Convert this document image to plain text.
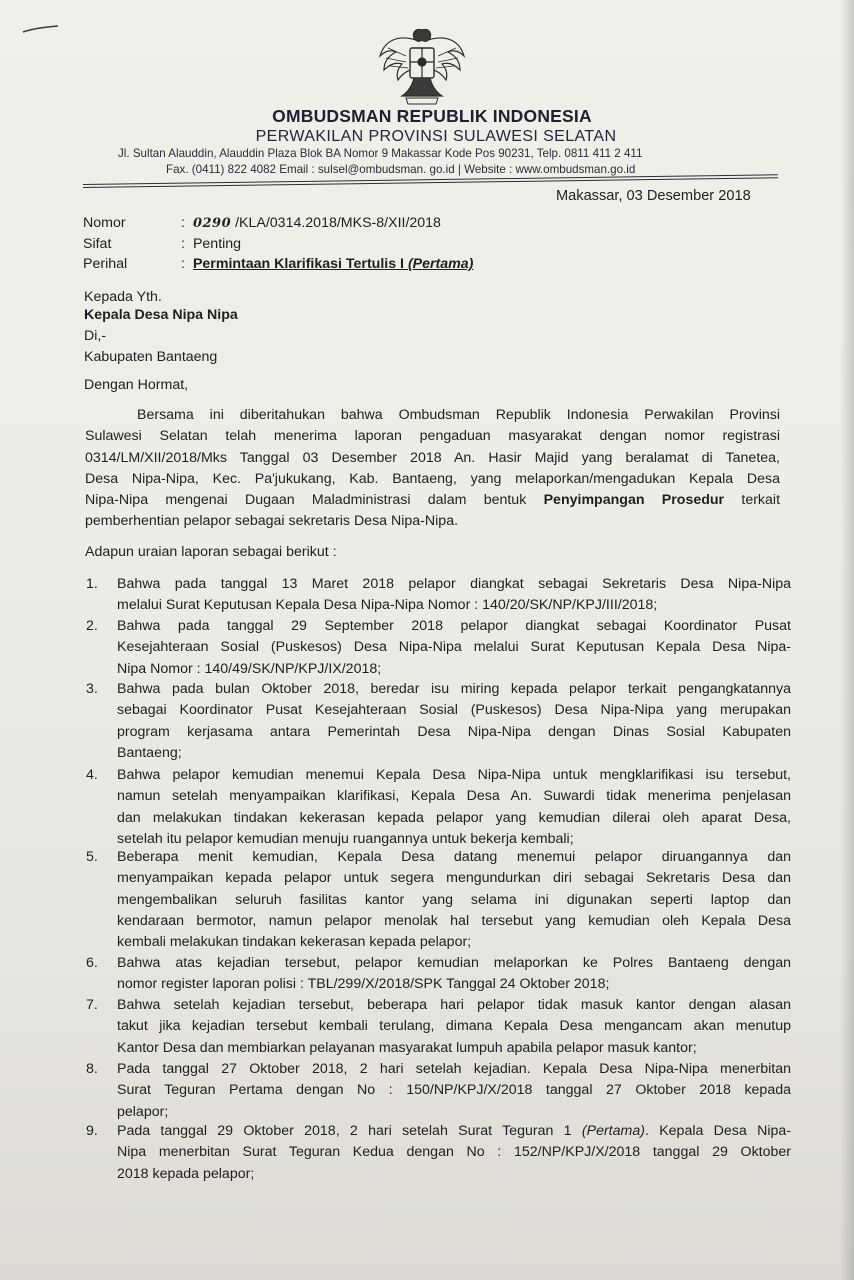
OMBUDSMAN REPUBLIK INDONESIA
PERWAKILAN PROVINSI SULAWESI SELATAN
Jl. Sultan Alauddin, Alauddin Plaza Blok BA Nomor 9 Makassar Kode Pos 90231, Telp. 0811 411 2 411
Fax. (0411) 822 4082 Email : sulsel@ombudsman. go.id | Website : www.ombudsman.go.id
Makassar, 03 Desember 2018
Nomor	: 0290 /KLA/0314.2018/MKS-8/XII/2018
Sifat	: Penting
Perihal	: Permintaan Klarifikasi Tertulis I (Pertama)
Kepada Yth.
Kepala Desa Nipa Nipa
Di,-
Kabupaten Bantaeng
Dengan Hormat,
Bersama ini diberitahukan bahwa Ombudsman Republik Indonesia Perwakilan Provinsi
Sulawesi Selatan telah menerima laporan pengaduan masyarakat dengan nomor registrasi
0314/LM/XII/2018/Mks Tanggal 03 Desember 2018 An. Hasir Majid yang beralamat di Tanetea,
Desa Nipa-Nipa, Kec. Pa'jukukang, Kab. Bantaeng, yang melaporkan/mengadukan Kepala Desa
Nipa-Nipa mengenai Dugaan Maladministrasi dalam bentuk Penyimpangan Prosedur terkait
pemberhentian pelapor sebagai sekretaris Desa Nipa-Nipa.
Adapun uraian laporan sebagai berikut :
1.	Bahwa pada tanggal 13 Maret 2018 pelapor diangkat sebagai Sekretaris Desa Nipa-Nipa
melalui Surat Keputusan Kepala Desa Nipa-Nipa Nomor : 140/20/SK/NP/KPJ/III/2018;
2.	Bahwa pada tanggal 29 September 2018 pelapor diangkat sebagai Koordinator Pusat
Kesejahteraan Sosial (Puskesos) Desa Nipa-Nipa melalui Surat Keputusan Kepala Desa Nipa-
Nipa Nomor : 140/49/SK/NP/KPJ/IX/2018;
3.	Bahwa pada bulan Oktober 2018, beredar isu miring kepada pelapor terkait pengangkatannya
sebagai Koordinator Pusat Kesejahteraan Sosial (Puskesos) Desa Nipa-Nipa yang merupakan
program kerjasama antara Pemerintah Desa Nipa-Nipa dengan Dinas Sosial Kabupaten
Bantaeng;
4.	Bahwa pelapor kemudian menemui Kepala Desa Nipa-Nipa untuk mengklarifikasi isu tersebut,
namun setelah menyampaikan klarifikasi, Kepala Desa An. Suwardi tidak menerima penjelasan
dan melakukan tindakan kekerasan kepada pelapor yang kemudian dilerai oleh aparat Desa,
setelah itu pelapor kemudian menuju ruangannya untuk bekerja kembali;
5.	Beberapa menit kemudian, Kepala Desa datang menemui pelapor diruangannya dan
menyampaikan kepada pelapor untuk segera mengundurkan diri sebagai Sekretaris Desa dan
mengembalikan seluruh fasilitas kantor yang selama ini digunakan seperti laptop dan
kendaraan bermotor, namun pelapor menolak hal tersebut yang kemudian oleh Kepala Desa
kembali melakukan tindakan kekerasan kepada pelapor;
6.	Bahwa atas kejadian tersebut, pelapor kemudian melaporkan ke Polres Bantaeng dengan
nomor register laporan polisi : TBL/299/X/2018/SPK Tanggal 24 Oktober 2018;
7.	Bahwa setelah kejadian tersebut, beberapa hari pelapor tidak masuk kantor dengan alasan
takut jika kejadian tersebut kembali terulang, dimana Kepala Desa mengancam akan menutup
Kantor Desa dan membiarkan pelayanan masyarakat lumpuh apabila pelapor masuk kantor;
8.	Pada tanggal 27 Oktober 2018, 2 hari setelah kejadian. Kepala Desa Nipa-Nipa menerbitan
Surat Teguran Pertama dengan No : 150/NP/KPJ/X/2018 tanggal 27 Oktober 2018 kepada
pelapor;
9.	Pada tanggal 29 Oktober 2018, 2 hari setelah Surat Teguran 1 (Pertama). Kepala Desa Nipa-
Nipa menerbitan Surat Teguran Kedua dengan No : 152/NP/KPJ/X/2018 tanggal 29 Oktober
2018 kepada pelapor;
